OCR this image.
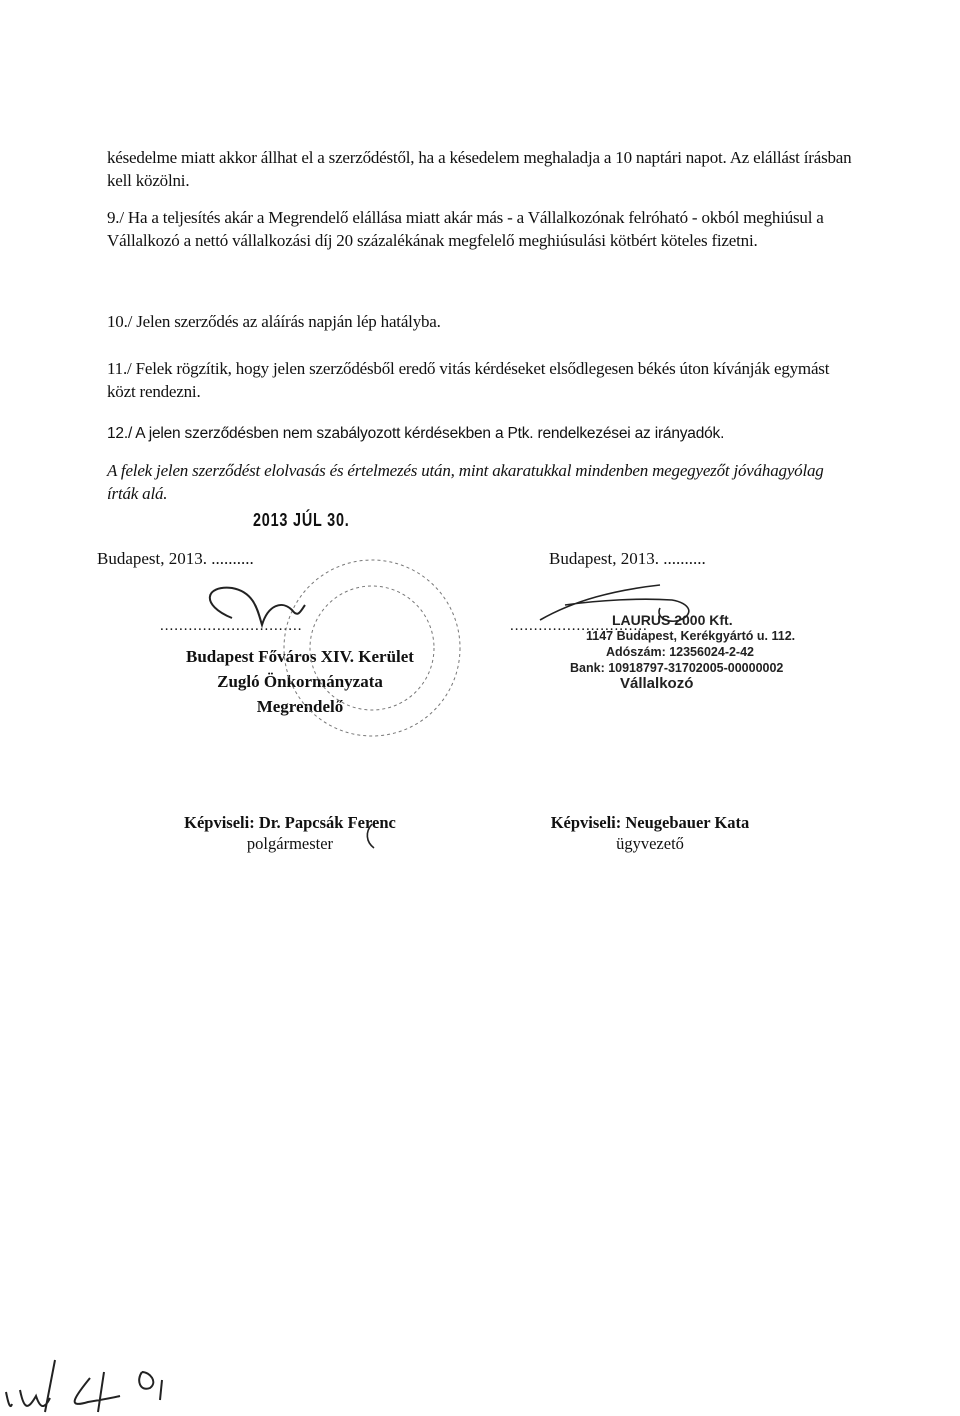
késedelme miatt akkor állhat el a szerződéstől, ha a késedelem meghaladja a 10 naptári napot. Az elállást írásban kell közölni.
9./ Ha a teljesítés akár a Megrendelő elállása miatt akár más - a Vállalkozónak felróható - okból meghiúsul a Vállalkozó a nettó vállalkozási díj 20 százalékának megfelelő meghiúsulási kötbért köteles fizetni.
10./ Jelen szerződés az aláírás napján lép hatályba.
11./ Felek rögzítik, hogy jelen szerződésből eredő vitás kérdéseket elsődlegesen békés úton kívánják egymást közt rendezni.
12./ A jelen szerződésben nem szabályozott kérdésekben a Ptk. rendelkezései az irányadók.
A felek jelen szerződést elolvasás és értelmezés után, mint akaratukkal mindenben megegyezőt jóváhagyólag írták alá.
2013 JÚL 30.
Budapest, 2013. ..........	Budapest, 2013. ..........
..............................
Budapest Főváros XIV. Kerület
Zugló Önkormányzata
Megrendelő
.............................
LAURUS 2000 Kft.
1147 Budapest, Kerékgyártó u. 112.
Adószám: 12356024-2-42
Bank: 10918797-31702005-00000002
Vállalkozó
Képviseli: Dr. Papcsák Ferenc
polgármester
Képviseli: Neugebauer Kata
ügyvezető
